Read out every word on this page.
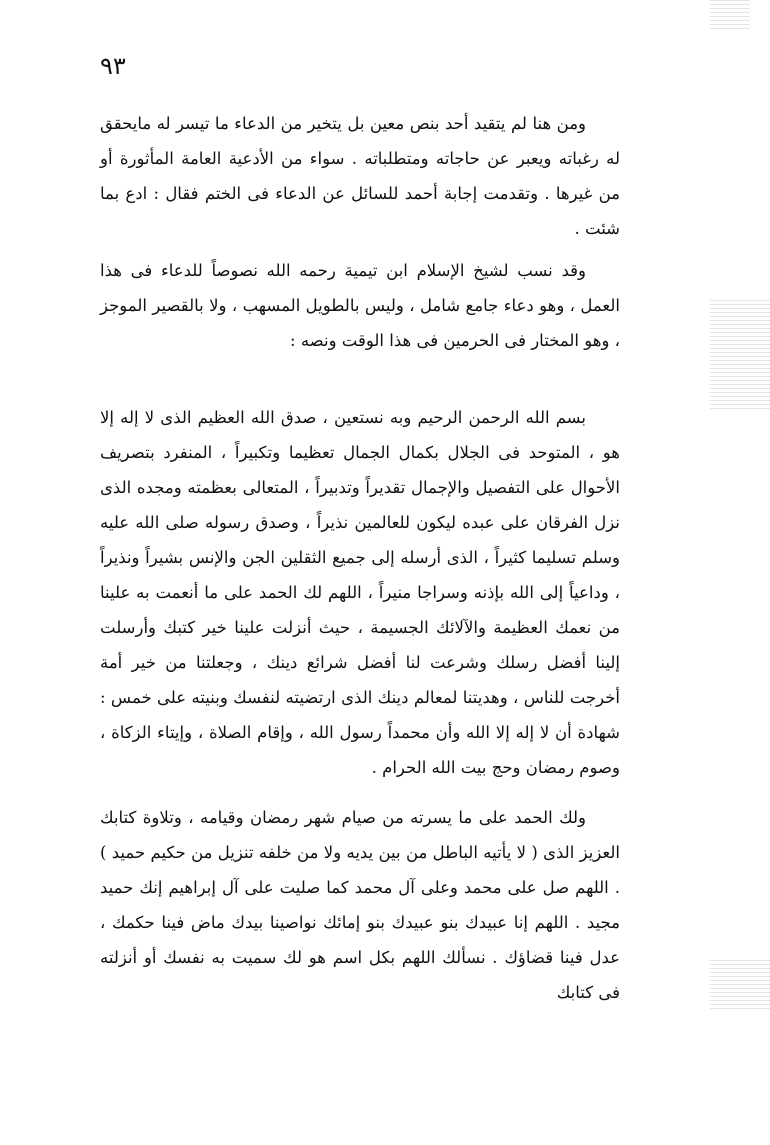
٩٣

ومن هنا لم يتقيد أحد بنص معين بل يتخير من الدعاء ما تيسر له مايحقق له رغباته ويعبر عن حاجاته ومتطلباته . سواء من الأدعية العامة المأثورة أو من غيرها . وتقدمت إجابة أحمد للسائل عن الدعاء فى الختم فقال : ادع بما شئت .

وقد نسب لشيخ الإسلام ابن تيمية رحمه الله نصوصاً للدعاء فى هذا العمل ، وهو دعاء جامع شامل ، وليس بالطويل المسهب ، ولا بالقصير الموجز ، وهو المختار فى الحرمين فى هذا الوقت ونصه :

بسم الله الرحمن الرحيم وبه نستعين ، صدق الله العظيم الذى لا إله إلا هو ، المتوحد فى الجلال بكمال الجمال تعظيما وتكبيراً ، المنفرد بتصريف الأحوال على التفصيل والإجمال تقديراً وتدبيراً ، المتعالى بعظمته ومجده الذى نزل الفرقان على عبده ليكون للعالمين نذيراً ، وصدق رسوله صلى الله عليه وسلم تسليما كثيراً ، الذى أرسله إلى جميع الثقلين الجن والإنس بشيراً ونذيراً ، وداعياً إلى الله بإذنه وسراجا منيراً ، اللهم لك الحمد على ما أنعمت به علينا من نعمك العظيمة والآلائك الجسيمة ، حيث أنزلت علينا خير كتبك وأرسلت إلينا أفضل رسلك وشرعت لنا أفضل شرائع دينك ، وجعلتنا من خير أمة أخرجت للناس ، وهديتنا لمعالم دينك الذى ارتضيته لنفسك وبنيته على خمس : شهادة أن لا إله إلا الله وأن محمداً رسول الله ، وإقام الصلاة ، وإيتاء الزكاة ، وصوم رمضان وحج بيت الله الحرام .

ولك الحمد على ما يسرته من صيام شهر رمضان وقيامه ، وتلاوة كتابك العزيز الذى ( لا يأتيه الباطل من بين يديه ولا من خلفه تنزيل من حكيم حميد ) . اللهم صل على محمد وعلى آل محمد كما صليت على آل إبراهيم إنك حميد مجيد . اللهم إنا عبيدك بنو عبيدك بنو إمائك نواصينا بيدك ماض فينا حكمك ، عدل فينا قضاؤك . نسألك اللهم بكل اسم هو لك سميت به نفسك أو أنزلته فى كتابك
